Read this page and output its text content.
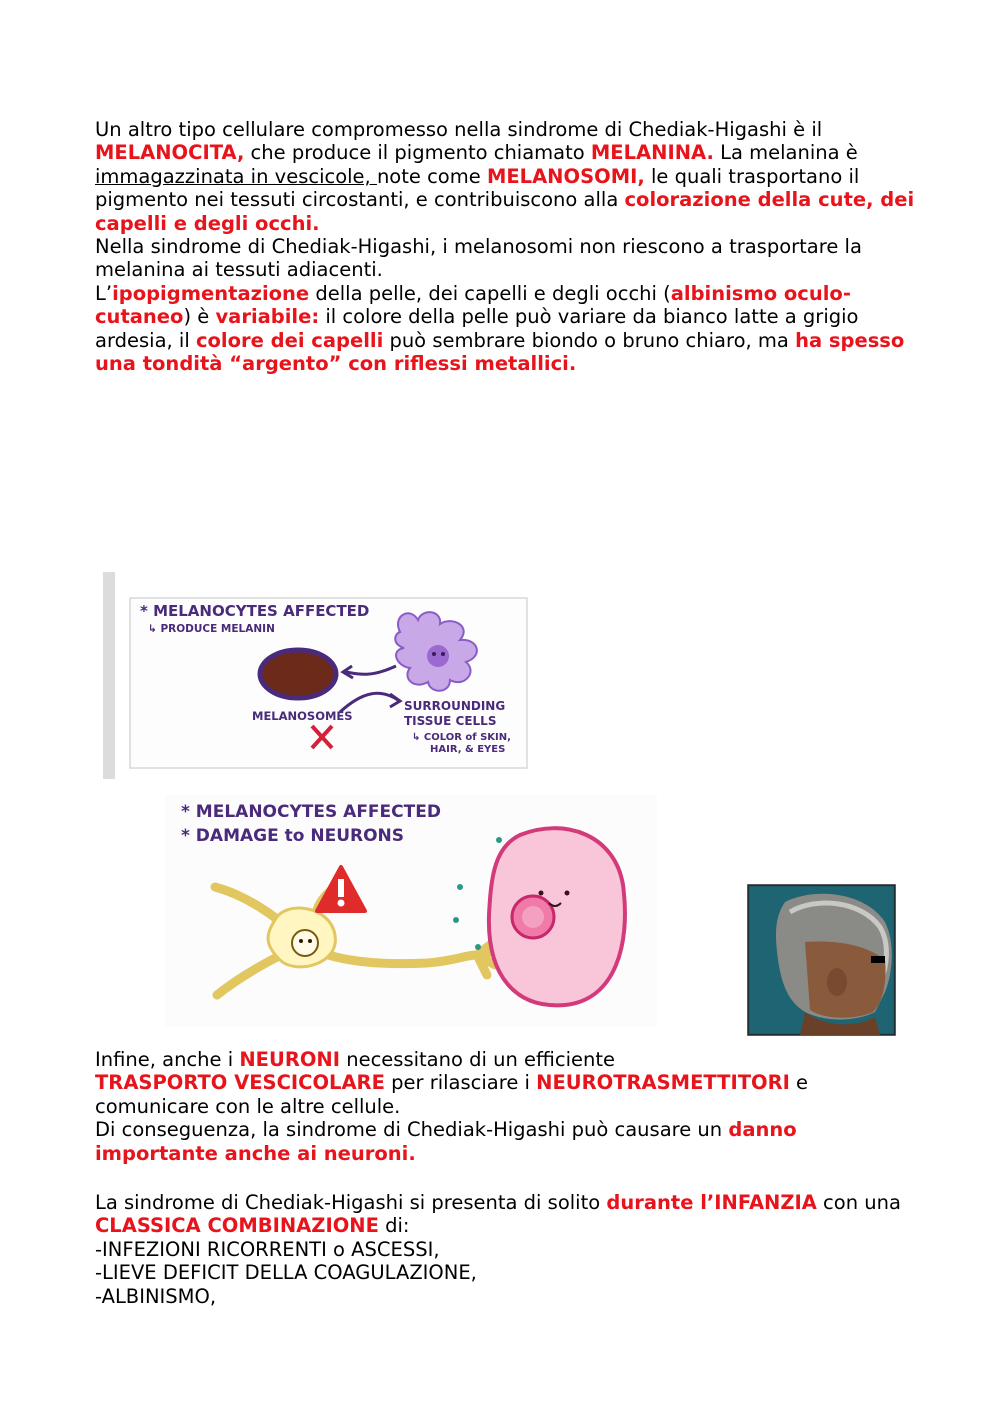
Un altro tipo cellulare compromesso nella sindrome di Chediak-Higashi è il MELANOCITA, che produce il pigmento chiamato MELANINA. La melanina è immagazzinata in vescicole, note come MELANOSOMI, le quali trasportano il pigmento nei tessuti circostanti, e contribuiscono alla colorazione della cute, dei capelli e degli occhi.
Nella sindrome di Chediak-Higashi, i melanosomi non riescono a trasportare la melanina ai tessuti adiacenti.
L’ipopigmentazione della pelle, dei capelli e degli occhi (albinismo oculo-cutaneo) è variabile: il colore della pelle può variare da bianco latte a grigio ardesia, il colore dei capelli può sembrare biondo o bruno chiaro, ma ha spesso una tondità “argento” con riflessi metallici.
* MELANOCYTES AFFECTED
↳ PRODUCE MELANIN
MELANOSOMES
SURROUNDING
TISSUE CELLS
↳ COLOR of SKIN,
HAIR, & EYES
* MELANOCYTES AFFECTED
* DAMAGE to NEURONS
Infine, anche i NEURONI necessitano di un efficiente
TRASPORTO VESCICOLARE per rilasciare i NEUROTRASMETTITORI e comunicare con le altre cellule.
Di conseguenza, la sindrome di Chediak-Higashi può causare un danno importante anche ai neuroni.
La sindrome di Chediak-Higashi si presenta di solito durante l’INFANZIA con una CLASSICA COMBINAZIONE di:
-INFEZIONI RICORRENTI o ASCESSI,
-LIEVE DEFICIT DELLA COAGULAZIONE,
-ALBINISMO,
